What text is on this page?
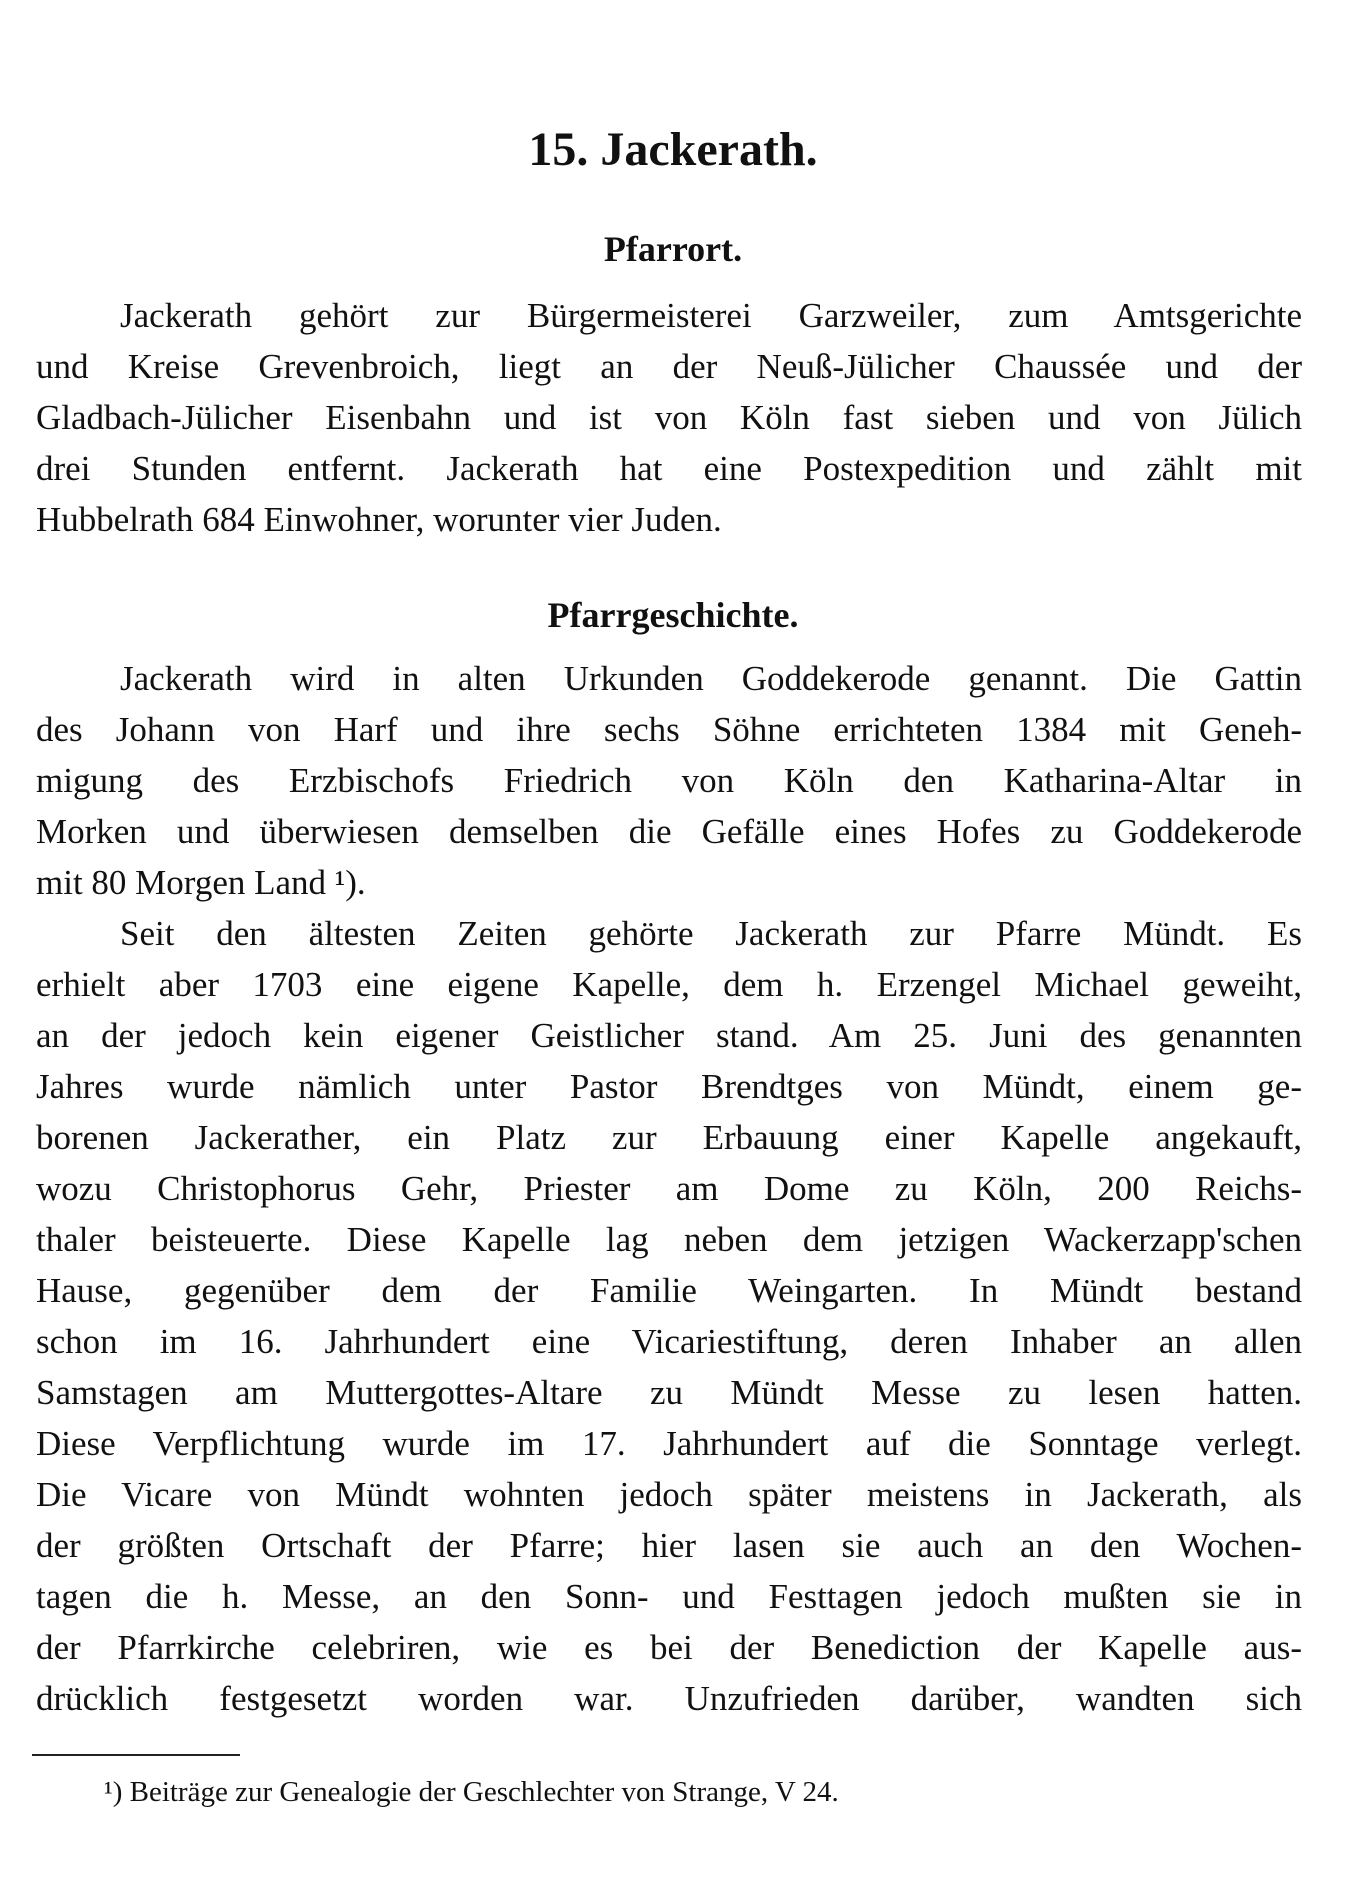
15. Jackerath.
Pfarrort.
Jackerath gehört zur Bürgermeisterei Garzweiler, zum Amtsgerichte
und Kreise Grevenbroich, liegt an der Neuß-Jülicher Chaussée und der
Gladbach-Jülicher Eisenbahn und ist von Köln fast sieben und von Jülich
drei Stunden entfernt. Jackerath hat eine Postexpedition und zählt mit
Hubbelrath 684 Einwohner, worunter vier Juden.
Pfarrgeschichte.
Jackerath wird in alten Urkunden Goddekerode genannt. Die Gattin
des Johann von Harf und ihre sechs Söhne errichteten 1384 mit Geneh-
migung des Erzbischofs Friedrich von Köln den Katharina-Altar in
Morken und überwiesen demselben die Gefälle eines Hofes zu Goddekerode
mit 80 Morgen Land ¹).
Seit den ältesten Zeiten gehörte Jackerath zur Pfarre Mündt. Es
erhielt aber 1703 eine eigene Kapelle, dem h. Erzengel Michael geweiht,
an der jedoch kein eigener Geistlicher stand. Am 25. Juni des genannten
Jahres wurde nämlich unter Pastor Brendtges von Mündt, einem ge-
borenen Jackerather, ein Platz zur Erbauung einer Kapelle angekauft,
wozu Christophorus Gehr, Priester am Dome zu Köln, 200 Reichs-
thaler beisteuerte. Diese Kapelle lag neben dem jetzigen Wackerzapp'schen
Hause, gegenüber dem der Familie Weingarten. In Mündt bestand
schon im 16. Jahrhundert eine Vicariestiftung, deren Inhaber an allen
Samstagen am Muttergottes-Altare zu Mündt Messe zu lesen hatten.
Diese Verpflichtung wurde im 17. Jahrhundert auf die Sonntage verlegt.
Die Vicare von Mündt wohnten jedoch später meistens in Jackerath, als
der größten Ortschaft der Pfarre; hier lasen sie auch an den Wochen-
tagen die h. Messe, an den Sonn- und Festtagen jedoch mußten sie in
der Pfarrkirche celebriren, wie es bei der Benediction der Kapelle aus-
drücklich festgesetzt worden war. Unzufrieden darüber, wandten sich
¹) Beiträge zur Genealogie der Geschlechter von Strange, V 24.
